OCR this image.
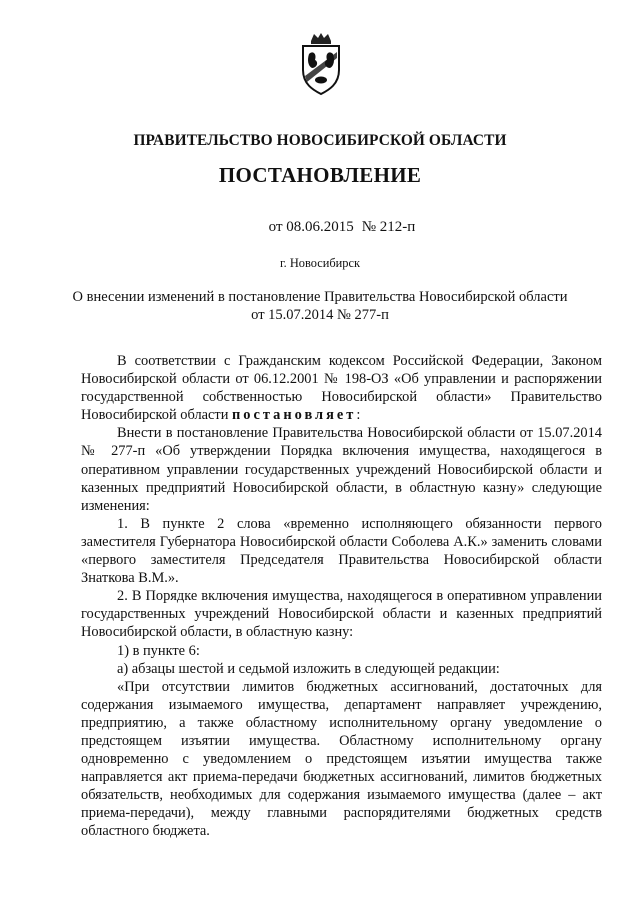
ПРАВИТЕЛЬСТВО НОВОСИБИРСКОЙ ОБЛАСТИ
ПОСТАНОВЛЕНИЕ
от 08.06.2015 № 212-п
г. Новосибирск
О внесении изменений в постановление Правительства Новосибирской области
от 15.07.2014 № 277-п

В соответствии с Гражданским кодексом Российской Федерации, Законом Новосибирской области от 06.12.2001 № 198-ОЗ «Об управлении и распоряжении государственной собственностью Новосибирской области» Правительство Новосибирской области постановляет:

Внести в постановление Правительства Новосибирской области от 15.07.2014 № 277-п «Об утверждении Порядка включения имущества, находящегося в оперативном управлении государственных учреждений Новосибирской области и казенных предприятий Новосибирской области, в областную казну» следующие изменения:

1. В пункте 2 слова «временно исполняющего обязанности первого заместителя Губернатора Новосибирской области Соболева А.К.» заменить словами «первого заместителя Председателя Правительства Новосибирской области Знаткова В.М.».

2. В Порядке включения имущества, находящегося в оперативном управлении государственных учреждений Новосибирской области и казенных предприятий Новосибирской области, в областную казну:

1) в пункте 6:

а) абзацы шестой и седьмой изложить в следующей редакции:

«При отсутствии лимитов бюджетных ассигнований, достаточных для содержания изымаемого имущества, департамент направляет учреждению, предприятию, а также областному исполнительному органу уведомление о предстоящем изъятии имущества. Областному исполнительному органу одновременно с уведомлением о предстоящем изъятии имущества также направляется акт приема-передачи бюджетных ассигнований, лимитов бюджетных обязательств, необходимых для содержания изымаемого имущества (далее – акт приема-передачи), между главными распорядителями бюджетных средств областного бюджета.
